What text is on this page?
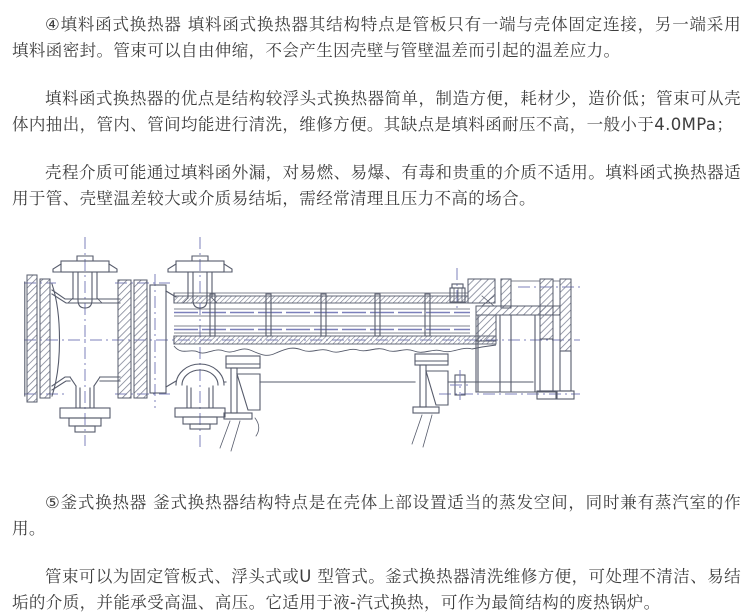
④填料函式换热器 填料函式换热器其结构特点是管板只有一端与壳体固定连接，另一端采用填料函密封。管束可以自由伸缩，不会产生因壳壁与管壁温差而引起的温差应力。

填料函式换热器的优点是结构较浮头式换热器简单，制造方便，耗材少，造价低；管束可从壳体内抽出，管内、管间均能进行清洗，维修方便。其缺点是填料函耐压不高，一般小于4.0MPa；

壳程介质可能通过填料函外漏，对易燃、易爆、有毒和贵重的介质不适用。填料函式换热器适用于管、壳壁温差较大或介质易结垢，需经常清理且压力不高的场合。

⑤釜式换热器 釜式换热器结构特点是在壳体上部设置适当的蒸发空间，同时兼有蒸汽室的作用。

管束可以为固定管板式、浮头式或U 型管式。釜式换热器清洗维修方便，可处理不清洁、易结垢的介质，并能承受高温、高压。它适用于液-汽式换热，可作为最简结构的废热锅炉。
